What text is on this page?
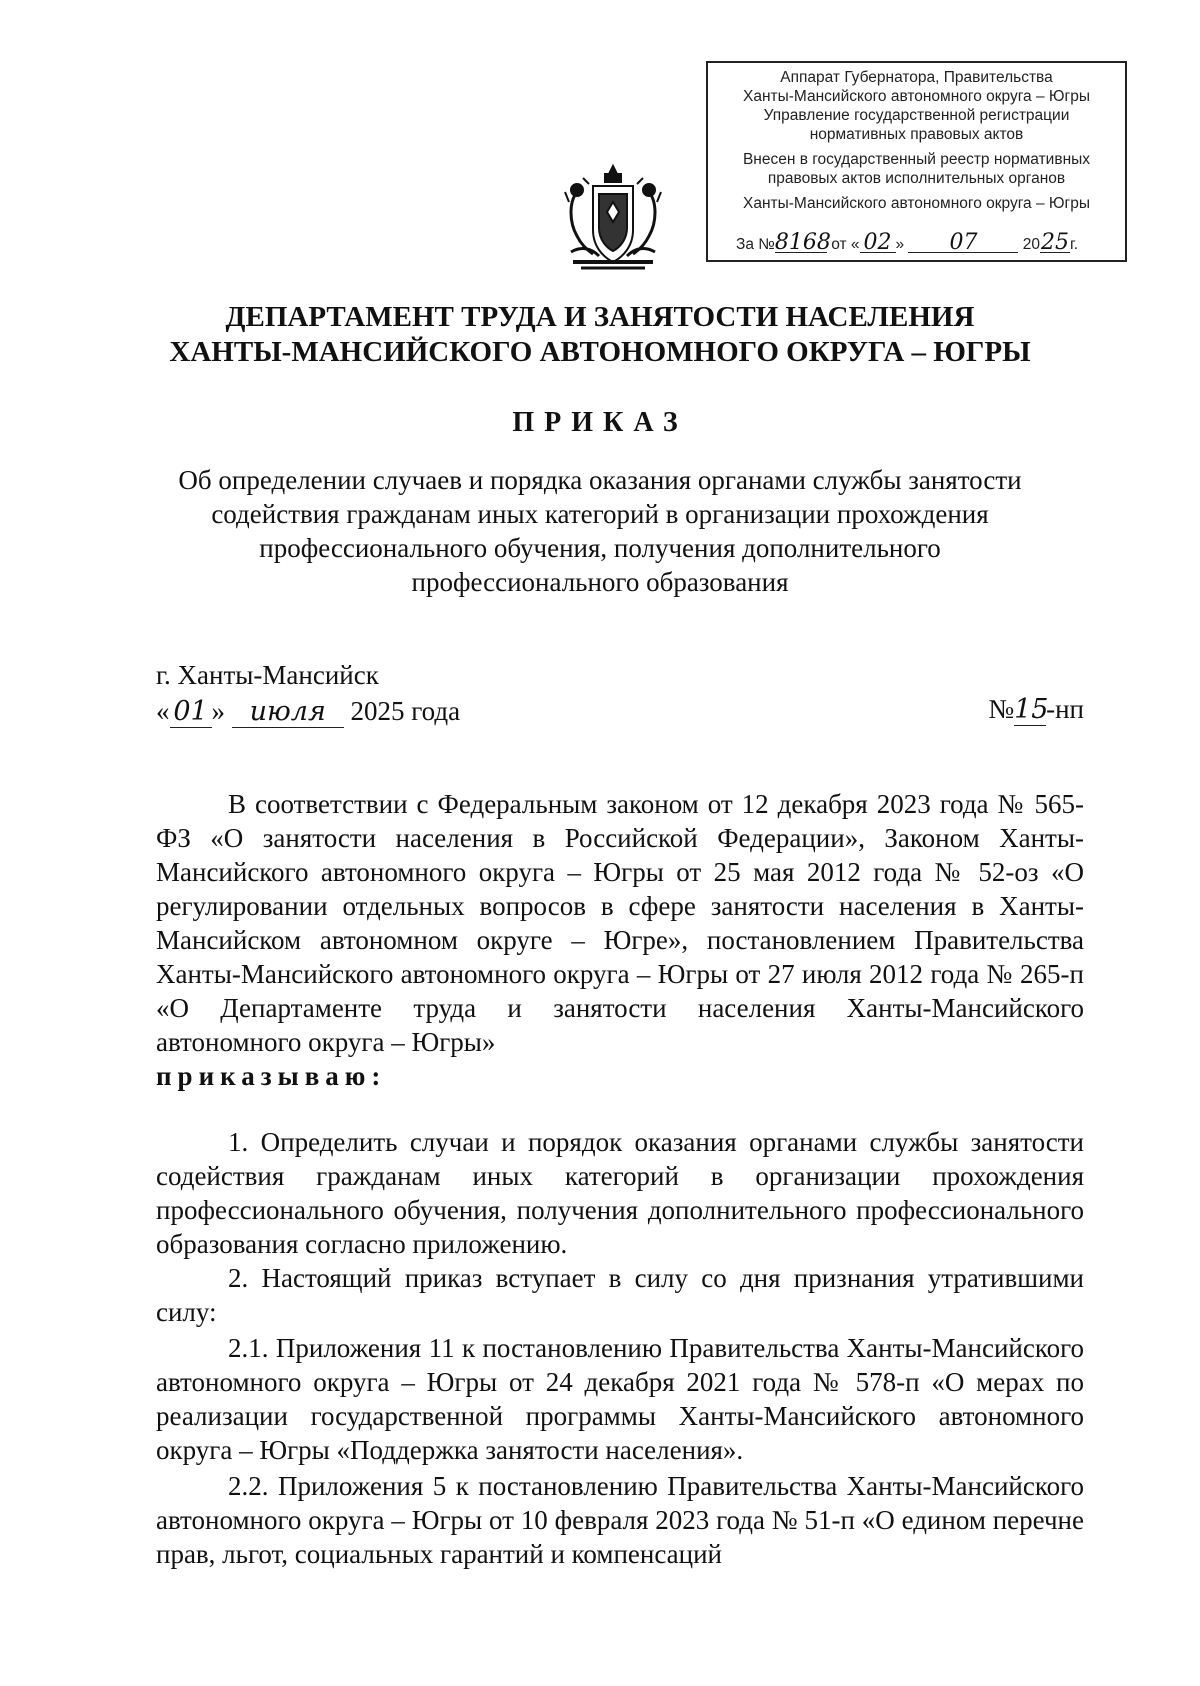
Аппарат Губернатора, Правительства
Ханты-Мансийского автономного округа – Югры
Управление государственной регистрации
нормативных правовых актов
Внесен в государственный реестр нормативных
правовых актов исполнительных органов
Ханты-Мансийского автономного округа – Югры
За №8168 от « 02 » 07	2025г.
ДЕПАРТАМЕНТ ТРУДА И ЗАНЯТОСТИ НАСЕЛЕНИЯ
ХАНТЫ-МАНСИЙСКОГО АВТОНОМНОГО ОКРУГА – ЮГРЫ
ПРИКАЗ
Об определении случаев и порядка оказания органами службы занятости
содействия гражданам иных категорий в организации прохождения
профессионального обучения, получения дополнительного
профессионального образования
г. Ханты-Мансийск
« 01 » июля 2025 года	№15-нп

В соответствии с Федеральным законом от 12 декабря 2023 года № 565-ФЗ «О занятости населения в Российской Федерации», Законом Ханты-Мансийского автономного округа – Югры от 25 мая 2012 года № 52-оз «О регулировании отдельных вопросов в сфере занятости населения в Ханты-Мансийском автономном округе – Югре», постановлением Правительства Ханты-Мансийского автономного округа – Югры от 27 июля 2012 года № 265-п «О Департаменте труда и занятости населения Ханты-Мансийского автономного округа – Югры»

приказываю:

1. Определить случаи и порядок оказания органами службы занятости содействия гражданам иных категорий в организации прохождения профессионального обучения, получения дополнительного профессионального образования согласно приложению.

2. Настоящий приказ вступает в силу со дня признания утратившими силу:

2.1. Приложения 11 к постановлению Правительства Ханты-Мансийского автономного округа – Югры от 24 декабря 2021 года № 578-п «О мерах по реализации государственной программы Ханты-Мансийского автономного округа – Югры «Поддержка занятости населения».

2.2. Приложения 5 к постановлению Правительства Ханты-Мансийского автономного округа – Югры от 10 февраля 2023 года № 51-п «О едином перечне прав, льгот, социальных гарантий и компенсаций
